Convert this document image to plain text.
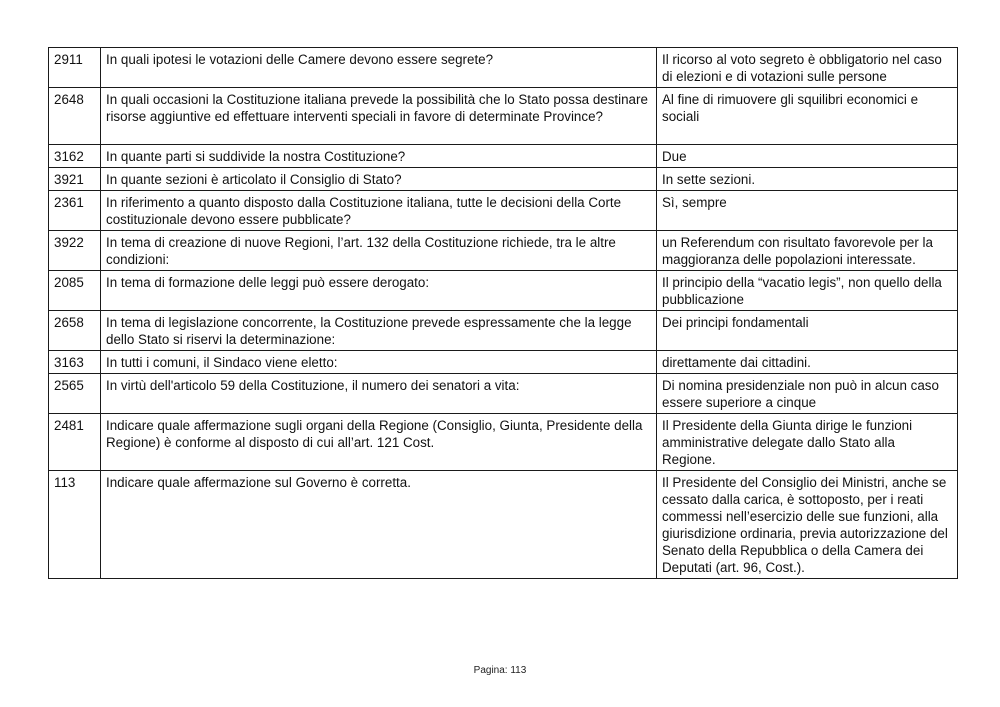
2911	In quali ipotesi le votazioni delle Camere devono essere segrete?	Il ricorso al voto segreto è obbligatorio nel caso di elezioni e di votazioni sulle persone
2648	In quali occasioni la Costituzione italiana prevede la possibilità che lo Stato possa destinare risorse aggiuntive ed effettuare interventi speciali in favore di determinate Province?	Al fine di rimuovere gli squilibri economici e sociali
3162	In quante parti si suddivide la nostra Costituzione?	Due
3921	In quante sezioni è articolato il Consiglio di Stato?	In sette sezioni.
2361	In riferimento a quanto disposto dalla Costituzione italiana, tutte le decisioni della Corte costituzionale devono essere pubblicate?	Sì, sempre
3922	In tema di creazione di nuove Regioni, l’art. 132 della Costituzione richiede, tra le altre condizioni:	un Referendum con risultato favorevole per la maggioranza delle popolazioni interessate.
2085	In tema di formazione delle leggi può essere derogato:	Il principio della “vacatio legis”, non quello della pubblicazione
2658	In tema di legislazione concorrente, la Costituzione prevede espressamente che la legge dello Stato si riservi la determinazione:	Dei principi fondamentali
3163	In tutti i comuni, il Sindaco viene eletto:	direttamente dai cittadini.
2565	In virtù dell'articolo 59 della Costituzione, il numero dei senatori a vita:	Di nomina presidenziale non può in alcun caso essere superiore a cinque
2481	Indicare quale affermazione sugli organi della Regione (Consiglio, Giunta, Presidente della Regione) è conforme al disposto di cui all’art. 121 Cost.	Il Presidente della Giunta dirige le funzioni amministrative delegate dallo Stato alla Regione.
113	Indicare quale affermazione sul Governo è corretta.	Il Presidente del Consiglio dei Ministri, anche se cessato dalla carica, è sottoposto, per i reati commessi nell’esercizio delle sue funzioni, alla giurisdizione ordinaria, previa autorizzazione del Senato della Repubblica o della Camera dei Deputati (art. 96, Cost.).
Pagina: 113
